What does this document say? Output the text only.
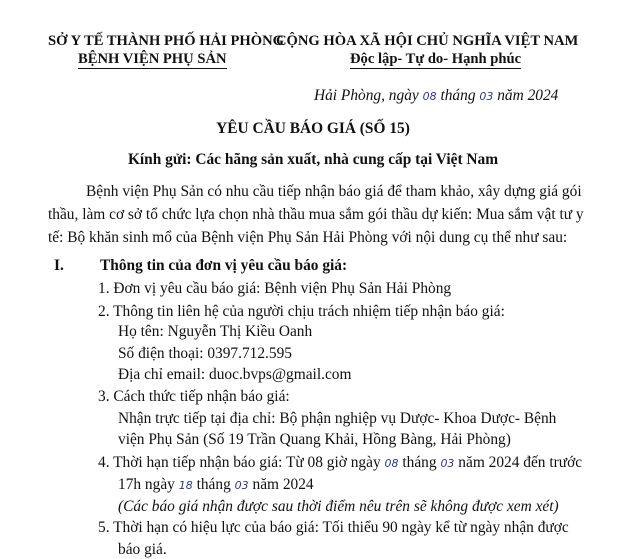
SỞ Y TẾ THÀNH PHỐ HẢI PHÒNG
BỆNH VIỆN PHỤ SẢN
CỘNG HÒA XÃ HỘI CHỦ NGHĨA VIỆT NAM
Độc lập- Tự do- Hạnh phúc
Hải Phòng, ngày 08 tháng 03 năm 2024
YÊU CẦU BÁO GIÁ (SỐ 15)
Kính gửi: Các hãng sản xuất, nhà cung cấp tại Việt Nam
Bệnh viện Phụ Sản có nhu cầu tiếp nhận báo giá để tham khảo, xây dựng giá gói
thầu, làm cơ sở tổ chức lựa chọn nhà thầu mua sắm gói thầu dự kiến: Mua sắm vật tư y
tế: Bộ khăn sinh mổ của Bệnh viện Phụ Sản Hải Phòng với nội dung cụ thể như sau:
I. Thông tin của đơn vị yêu cầu báo giá:
1. Đơn vị yêu cầu báo giá: Bệnh viện Phụ Sản Hải Phòng
2. Thông tin liên hệ của người chịu trách nhiệm tiếp nhận báo giá:
Họ tên: Nguyễn Thị Kiều Oanh
Số điện thoại: 0397.712.595
Địa chỉ email: duoc.bvps@gmail.com
3. Cách thức tiếp nhận báo giá:
Nhận trực tiếp tại địa chỉ: Bộ phận nghiệp vụ Dược- Khoa Dược- Bệnh
viện Phụ Sản (Số 19 Trần Quang Khải, Hồng Bàng, Hải Phòng)
4. Thời hạn tiếp nhận báo giá: Từ 08 giờ ngày 08 tháng 03 năm 2024 đến trước
17h ngày 18 tháng 03 năm 2024
(Các báo giá nhận được sau thời điểm nêu trên sẽ không được xem xét)
5. Thời hạn có hiệu lực của báo giá: Tối thiểu 90 ngày kể từ ngày nhận được
báo giá.
